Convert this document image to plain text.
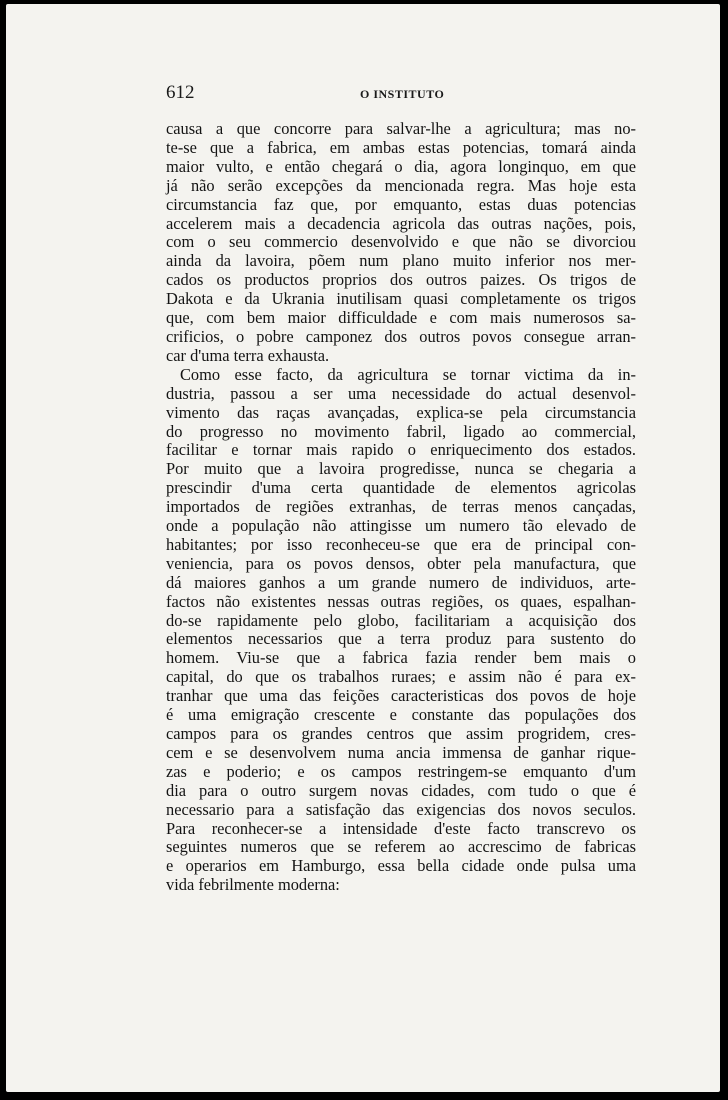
612	O INSTITUTO
causa a que concorre para salvar-lhe a agricultura; mas no-
te-se que a fabrica, em ambas estas potencias, tomará ainda
maior vulto, e então chegará o dia, agora longinquo, em que
já não serão excepções da mencionada regra. Mas hoje esta
circumstancia faz que, por emquanto, estas duas potencias
accelerem mais a decadencia agricola das outras nações, pois,
com o seu commercio desenvolvido e que não se divorciou
ainda da lavoira, põem num plano muito inferior nos mer-
cados os productos proprios dos outros paizes. Os trigos de
Dakota e da Ukrania inutilisam quasi completamente os trigos
que, com bem maior difficuldade e com mais numerosos sa-
crificios, o pobre camponez dos outros povos consegue arran-
car d'uma terra exhausta.
Como esse facto, da agricultura se tornar victima da in-
dustria, passou a ser uma necessidade do actual desenvol-
vimento das raças avançadas, explica-se pela circumstancia
do progresso no movimento fabril, ligado ao commercial,
facilitar e tornar mais rapido o enriquecimento dos estados.
Por muito que a lavoira progredisse, nunca se chegaria a
prescindir d'uma certa quantidade de elementos agricolas
importados de regiões extranhas, de terras menos cançadas,
onde a população não attingisse um numero tão elevado de
habitantes; por isso reconheceu-se que era de principal con-
veniencia, para os povos densos, obter pela manufactura, que
dá maiores ganhos a um grande numero de individuos, arte-
factos não existentes nessas outras regiões, os quaes, espalhan-
do-se rapidamente pelo globo, facilitariam a acquisição dos
elementos necessarios que a terra produz para sustento do
homem. Viu-se que a fabrica fazia render bem mais o
capital, do que os trabalhos ruraes; e assim não é para ex-
tranhar que uma das feições caracteristicas dos povos de hoje
é uma emigração crescente e constante das populações dos
campos para os grandes centros que assim progridem, cres-
cem e se desenvolvem numa ancia immensa de ganhar rique-
zas e poderio; e os campos restringem-se emquanto d'um
dia para o outro surgem novas cidades, com tudo o que é
necessario para a satisfação das exigencias dos novos seculos.
Para reconhecer-se a intensidade d'este facto transcrevo os
seguintes numeros que se referem ao accrescimo de fabricas
e operarios em Hamburgo, essa bella cidade onde pulsa uma
vida febrilmente moderna:
